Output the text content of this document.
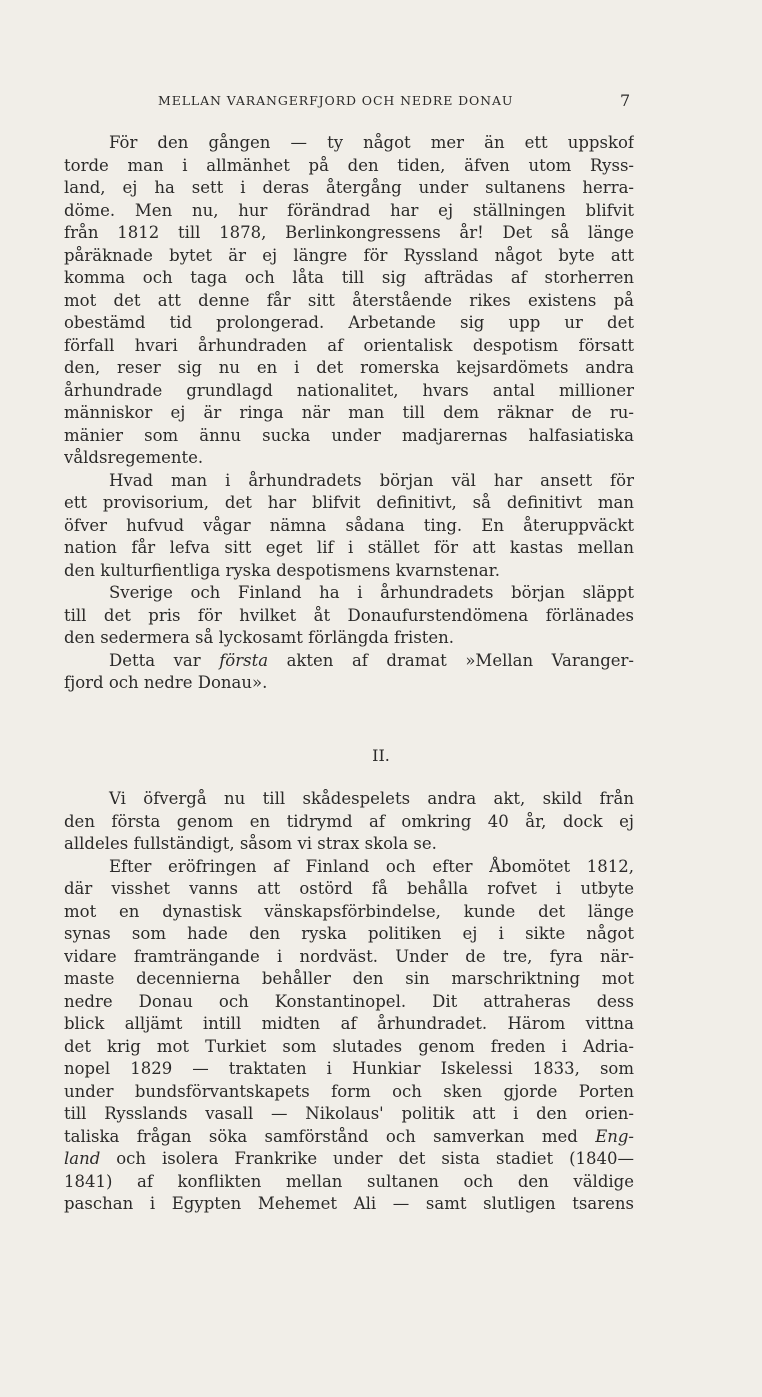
MELLAN VARANGERFJORD OCH NEDRE DONAU	7
För den gången — ty något mer än ett uppskof
torde man i allmänhet på den tiden, äfven utom Ryss-
land, ej ha sett i deras återgång under sultanens herra-
döme. Men nu, hur förändrad har ej ställningen blifvit
från 1812 till 1878, Berlinkongressens år! Det så länge
påräknade bytet är ej längre för Ryssland något byte att
komma och taga och låta till sig afträdas af storherren
mot det att denne får sitt återstående rikes existens på
obestämd tid prolongerad. Arbetande sig upp ur det
förfall hvari århundraden af orientalisk despotism försatt
den, reser sig nu en i det romerska kejsardömets andra
århundrade grundlagd nationalitet, hvars antal millioner
människor ej är ringa när man till dem räknar de ru-
mänier som ännu sucka under madjarernas halfasiatiska
våldsregemente.
Hvad man i århundradets början väl har ansett för
ett provisorium, det har blifvit definitivt, så definitivt man
öfver hufvud vågar nämna sådana ting. En återuppväckt
nation får lefva sitt eget lif i stället för att kastas mellan
den kulturfientliga ryska despotismens kvarnstenar.
Sverige och Finland ha i århundradets början släppt
till det pris för hvilket åt Donaufurstendömena förlänades
den sedermera så lyckosamt förlängda fristen.
Detta var första akten af dramat »Mellan Varanger-
fjord och nedre Donau».
II.
Vi öfvergå nu till skådespelets andra akt, skild från
den första genom en tidrymd af omkring 40 år, dock ej
alldeles fullständigt, såsom vi strax skola se.
Efter eröfringen af Finland och efter Åbomötet 1812,
där visshet vanns att ostörd få behålla rofvet i utbyte
mot en dynastisk vänskapsförbindelse, kunde det länge
synas som hade den ryska politiken ej i sikte något
vidare framträngande i nordväst. Under de tre, fyra när-
maste decennierna behåller den sin marschriktning mot
nedre Donau och Konstantinopel. Dit attraheras dess
blick alljämt intill midten af århundradet. Härom vittna
det krig mot Turkiet som slutades genom freden i Adria-
nopel 1829 — traktaten i Hunkiar Iskelessi 1833, som
under bundsförvantskapets form och sken gjorde Porten
till Rysslands vasall — Nikolaus' politik att i den orien-
taliska frågan söka samförstånd och samverkan med Eng-
land och isolera Frankrike under det sista stadiet (1840—
1841) af konflikten mellan sultanen och den väldige
paschan i Egypten Mehemet Ali — samt slutligen tsarens
